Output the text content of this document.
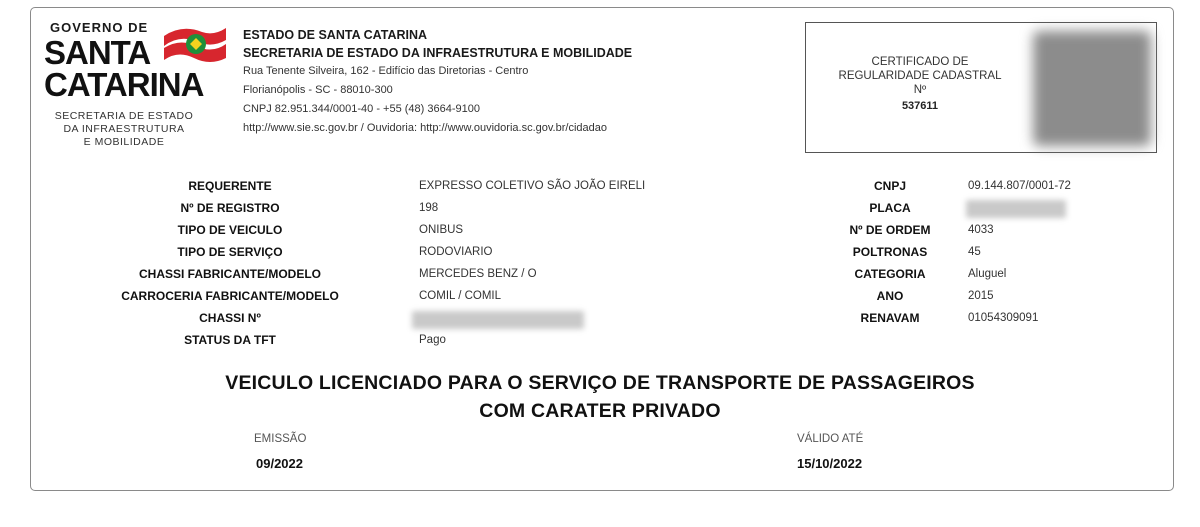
GOVERNO DE
SANTA
CATARINA
SECRETARIA DE ESTADO
DA INFRAESTRUTURA
E MOBILIDADE
ESTADO DE SANTA CATARINA
SECRETARIA DE ESTADO DA INFRAESTRUTURA E MOBILIDADE
Rua Tenente Silveira, 162 - Edifício das Diretorias - Centro
Florianópolis - SC - 88010-300
CNPJ 82.951.344/0001-40 - +55 (48) 3664-9100
http://www.sie.sc.gov.br / Ouvidoria: http://www.ouvidoria.sc.gov.br/cidadao
CERTIFICADO DE
REGULARIDADE CADASTRAL
Nº
537611
REQUERENTE	EXPRESSO COLETIVO SÃO JOÃO EIRELI
Nº DE REGISTRO	198
TIPO DE VEICULO	ONIBUS
TIPO DE SERVIÇO	RODOVIARIO
CHASSI FABRICANTE/MODELO	MERCEDES BENZ / O
CARROCERIA FABRICANTE/MODELO	COMIL / COMIL
CHASSI Nº
STATUS DA TFT	Pago
CNPJ	09.144.807/0001-72
PLACA
Nº DE ORDEM	4033
POLTRONAS	45
CATEGORIA	Aluguel
ANO	2015
RENAVAM	01054309091
VEICULO LICENCIADO PARA O SERVIÇO DE TRANSPORTE DE PASSAGEIROS
COM CARATER PRIVADO
EMISSÃO
09/2022
VÁLIDO ATÉ
15/10/2022
